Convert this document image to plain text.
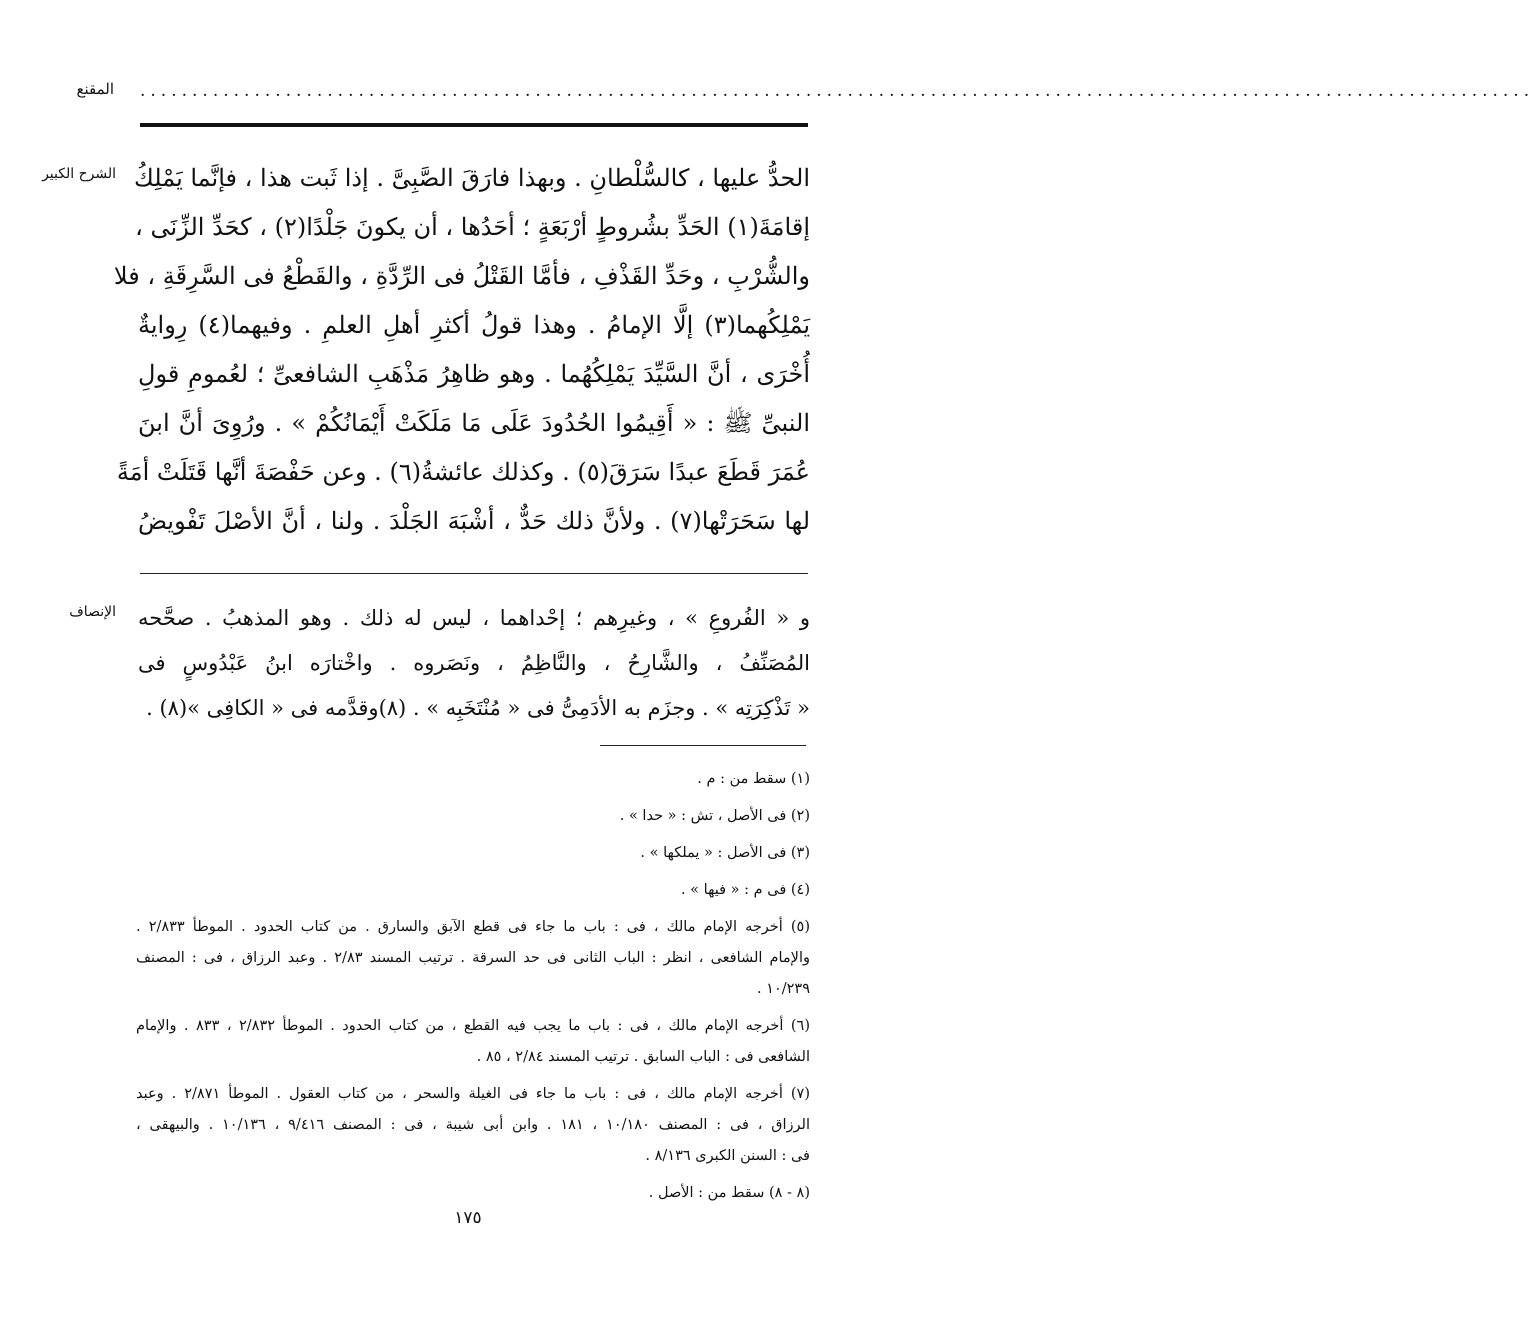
المقنع ......................................................................................................................................
الشرح الكبير الحدُّ عليها ، كالسُّلْطانِ . وبهذا فارَقَ الصَّبِىَّ . إذا ثَبت هذا ، فإنَّما يَمْلِكُ
إقامَةَ(١) الحَدِّ بشُروطٍ أرْبَعَةٍ ؛ أحَدُها ، أن يكونَ جَلْدًا(٢) ، كحَدِّ الزِّنَى ،
والشُّرْبِ ، وحَدِّ القَذْفِ ، فأمَّا القَتْلُ فى الرِّدَّةِ ، والقَطْعُ فى السَّرِقَةِ ، فلا
يَمْلِكُهما(٣) إلَّا الإمامُ . وهذا قولُ أكثرِ أهلِ العلمِ . وفيهما(٤) رِوايةٌ
أُخْرَى ، أنَّ السَّيِّدَ يَمْلِكُهُما . وهو ظاهِرُ مَذْهَبِ الشافعىِّ ؛ لعُمومِ قولِ
النبىِّ ﷺ : « أَقِيمُوا الحُدُودَ عَلَى مَا مَلَكَتْ أَيْمَانُكُمْ » . ورُوِىَ أنَّ ابنَ
عُمَرَ قَطَعَ عبدًا سَرَقَ(٥) . وكذلك عائشةُ(٦) . وعن حَفْصَةَ أنَّها قَتَلَتْ أمَةً
لها سَحَرَتْها(٧) . ولأنَّ ذلك حَدٌّ ، أشْبَهَ الجَلْدَ . ولنا ، أنَّ الأصْلَ تَفْويضُ
الإنصاف و « الفُروعِ » ، وغيرِهم ؛ إحْداهما ، ليس له ذلك . وهو المذهبُ . صحَّحه
المُصَنِّفُ ، والشَّارِحُ ، والنَّاظِمُ ، ونَصَروه . واخْتارَه ابنُ عَبْدُوسٍ فى
« تَذْكِرَتِه » . وجزَم به الأدَمِىُّ فى « مُنْتَخَبِه » . (٨)وقدَّمه فى « الكافِى »(٨) .
(١) سقط من : م .
(٢) فى الأصل ، تش : « حدا » .
(٣) فى الأصل : « يملكها » .
(٤) فى م : « فيها » .
(٥) أخرجه الإمام مالك ، فى : باب ما جاء فى قطع الآبق والسارق . من كتاب الحدود . الموطأ ٢/٨٣٣ .
والإمام الشافعى ، انظر : الباب الثانى فى حد السرقة . ترتيب المسند ٢/٨٣ . وعبد الرزاق ، فى : المصنف
١٠/٢٣٩ .
(٦) أخرجه الإمام مالك ، فى : باب ما يجب فيه القطع ، من كتاب الحدود . الموطأ ٢/٨٣٢ ، ٨٣٣ . والإمام
الشافعى فى : الباب السابق . ترتيب المسند ٢/٨٤ ، ٨٥ .
(٧) أخرجه الإمام مالك ، فى : باب ما جاء فى الغيلة والسحر ، من كتاب العقول . الموطأ ٢/٨٧١ . وعبد
الرزاق ، فى : المصنف ١٠/١٨٠ ، ١٨١ . وابن أبى شيبة ، فى : المصنف ٩/٤١٦ ، ١٠/١٣٦ . والبيهقى ،
فى : السنن الكبرى ٨/١٣٦ .
(٨ - ٨) سقط من : الأصل .
١٧٥
